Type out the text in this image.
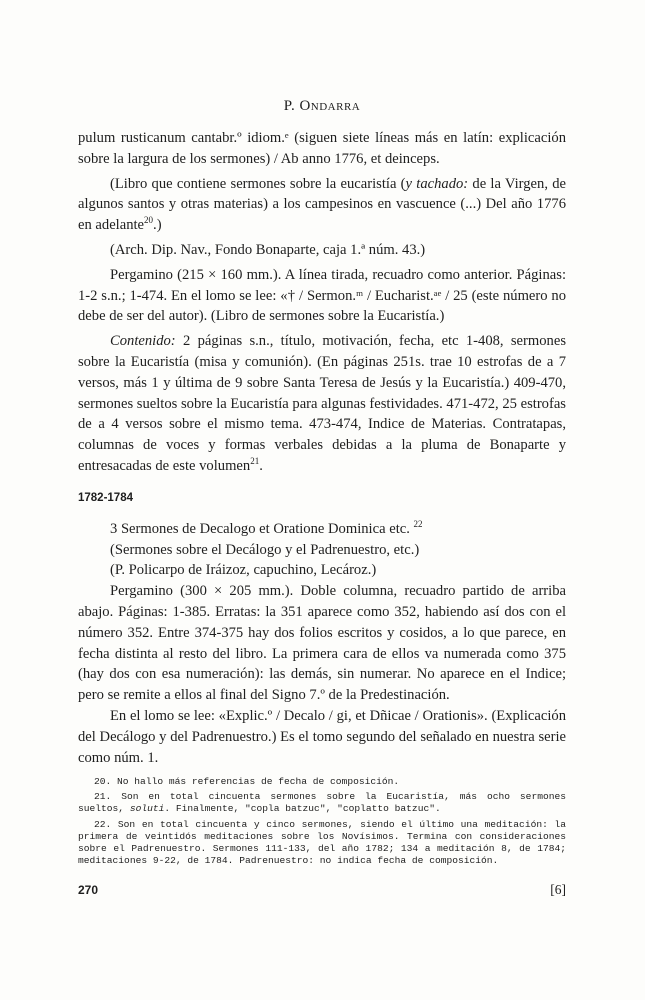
P. Ondarra

pulum rusticanum cantabr.º idiom.ᵉ (siguen siete líneas más en latín: explicación sobre la largura de los sermones) / Ab anno 1776, et deinceps.

(Libro que contiene sermones sobre la eucaristía (y tachado: de la Virgen, de algunos santos y otras materias) a los campesinos en vascuence (...) Del año 1776 en adelante$^{20}$.)

(Arch. Dip. Nav., Fondo Bonaparte, caja 1.ª núm. 43.)

Pergamino (215 × 160 mm.). A línea tirada, recuadro como anterior. Páginas: 1-2 s.n.; 1-474. En el lomo se lee: «† / Sermon.ᵐ / Eucharist.ᵃᵉ / 25 (este número no debe de ser del autor). (Libro de sermones sobre la Eucaristía.)

Contenido: 2 páginas s.n., título, motivación, fecha, etc 1-408, sermones sobre la Eucaristía (misa y comunión). (En páginas 251s. trae 10 estrofas de a 7 versos, más 1 y última de 9 sobre Santa Teresa de Jesús y la Eucaristía.) 409-470, sermones sueltos sobre la Eucaristía para algunas festividades. 471-472, 25 estrofas de a 4 versos sobre el mismo tema. 473-474, Indice de Materias. Contratapas, columnas de voces y formas verbales debidas a la pluma de Bonaparte y entresacadas de este volumen$^{21}$.

1782-1784

3 Sermones de Decalogo et Oratione Dominica etc. $^{22}$

(Sermones sobre el Decálogo y el Padrenuestro, etc.)

(P. Policarpo de Iráizoz, capuchino, Lecároz.)

Pergamino (300 × 205 mm.). Doble columna, recuadro partido de arriba abajo. Páginas: 1-385. Erratas: la 351 aparece como 352, habiendo así dos con el número 352. Entre 374-375 hay dos folios escritos y cosidos, a lo que parece, en fecha distinta al resto del libro. La primera cara de ellos va numerada como 375 (hay dos con esa numeración): las demás, sin numerar. No aparece en el Indice; pero se remite a ellos al final del Signo 7.º de la Predestinación.

En el lomo se lee: «Explic.º / Decalo / gi, et Dñicae / Orationis». (Explicación del Decálogo y del Padrenuestro.) Es el tomo segundo del señalado en nuestra serie como núm. 1.

20. No hallo más referencias de fecha de composición.

21. Son en total cincuenta sermones sobre la Eucaristía, más ocho sermones sueltos, soluti. Finalmente, "copla batzuc", "coplatto batzuc".

22. Son en total cincuenta y cinco sermones, siendo el último una meditación: la primera de veintidós meditaciones sobre los Novísimos. Termina con consideraciones sobre el Padrenuestro. Sermones 111-133, del año 1782; 134 a meditación 8, de 1784; meditaciones 9-22, de 1784. Padrenuestro: no indica fecha de composición.

270	[6]
